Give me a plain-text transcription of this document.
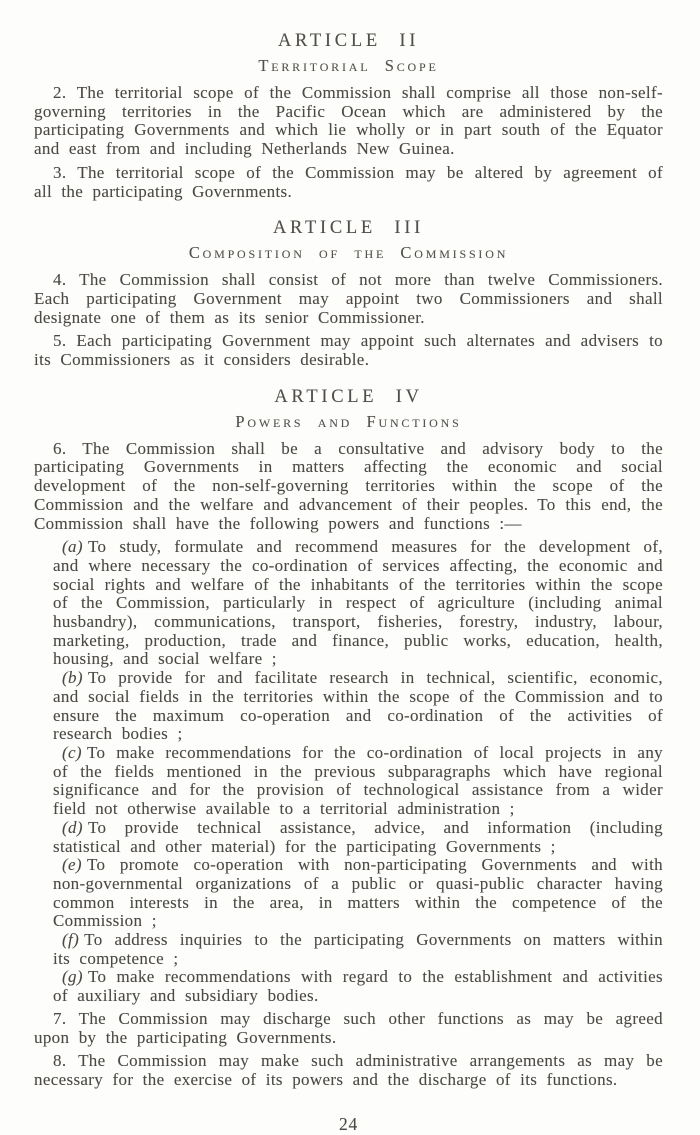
ARTICLE II
Territorial Scope

2. The territorial scope of the Commission shall comprise all those non-self-governing territories in the Pacific Ocean which are administered by the participating Governments and which lie wholly or in part south of the Equator and east from and including Netherlands New Guinea.

3. The territorial scope of the Commission may be altered by agreement of all the participating Governments.

ARTICLE III
Composition of the Commission

4. The Commission shall consist of not more than twelve Commissioners. Each participating Government may appoint two Commissioners and shall designate one of them as its senior Commissioner.

5. Each participating Government may appoint such alternates and advisers to its Commissioners as it considers desirable.

ARTICLE IV
Powers and Functions

6. The Commission shall be a consultative and advisory body to the participating Governments in matters affecting the economic and social development of the non-self-governing territories within the scope of the Commission and the welfare and advancement of their peoples. To this end, the Commission shall have the following powers and functions :—

(a) To study, formulate and recommend measures for the development of, and where necessary the co-ordination of services affecting, the economic and social rights and welfare of the inhabitants of the territories within the scope of the Commission, particularly in respect of agriculture (including animal husbandry), communications, transport, fisheries, forestry, industry, labour, marketing, production, trade and finance, public works, education, health, housing, and social welfare ;

(b) To provide for and facilitate research in technical, scientific, economic, and social fields in the territories within the scope of the Commission and to ensure the maximum co-operation and co-ordination of the activities of research bodies ;

(c) To make recommendations for the co-ordination of local projects in any of the fields mentioned in the previous subparagraphs which have regional significance and for the provision of technological assistance from a wider field not otherwise available to a territorial administration ;

(d) To provide technical assistance, advice, and information (including statistical and other material) for the participating Governments ;

(e) To promote co-operation with non-participating Governments and with non-governmental organizations of a public or quasi-public character having common interests in the area, in matters within the competence of the Commission ;

(f) To address inquiries to the participating Governments on matters within its competence ;

(g) To make recommendations with regard to the establishment and activities of auxiliary and subsidiary bodies.

7. The Commission may discharge such other functions as may be agreed upon by the participating Governments.

8. The Commission may make such administrative arrangements as may be necessary for the exercise of its powers and the discharge of its functions.

24
